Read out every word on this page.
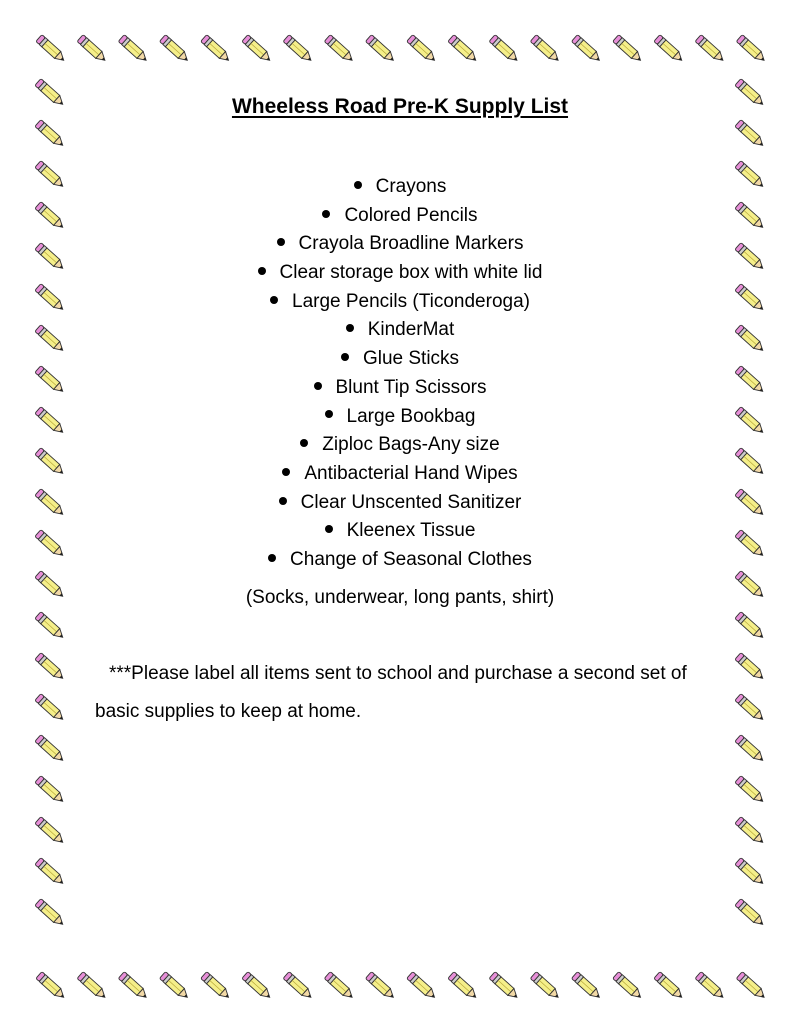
Wheeless Road Pre-K Supply List
Crayons
Colored Pencils
Crayola Broadline Markers
Clear storage box with white lid
Large Pencils (Ticonderoga)
KinderMat
Glue Sticks
Blunt Tip Scissors
Large Bookbag
Ziploc Bags-Any size
Antibacterial Hand Wipes
Clear Unscented Sanitizer
Kleenex Tissue
Change of Seasonal Clothes

(Socks, underwear, long pants, shirt)

***Please label all items sent to school and purchase a second set of basic supplies to keep at home.
